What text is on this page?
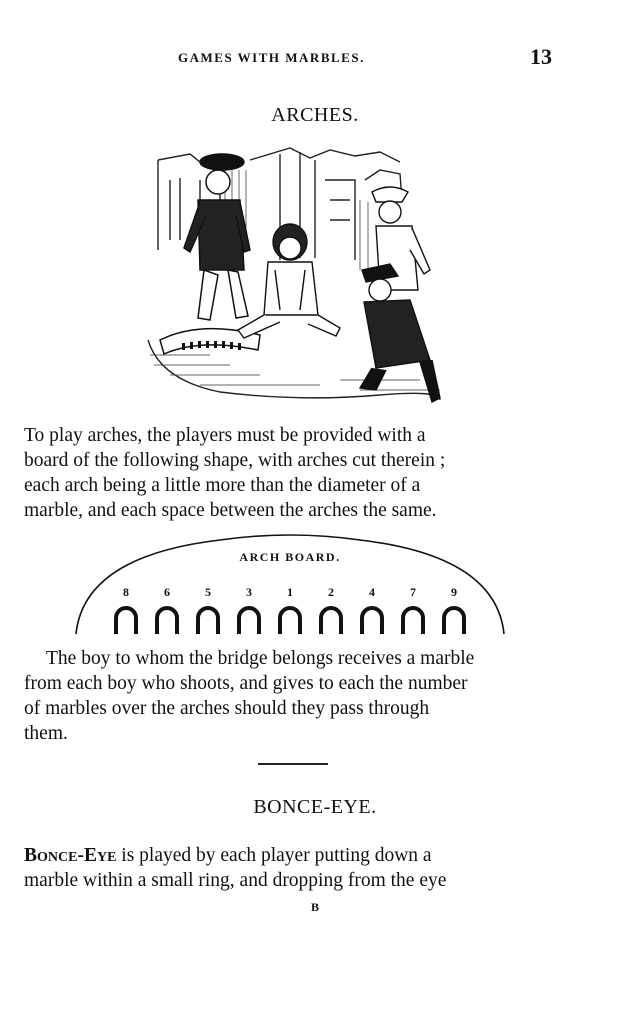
GAMES WITH MARBLES.	13
ARCHES.
To play arches, the players must be provided with a
board of the following shape, with arches cut therein ;
each arch being a little more than the diameter of a
marble, and each space between the arches the same.
ARCH BOARD.
8	6	5	3	1	2	4	7	9
The boy to whom the bridge belongs receives a marble
from each boy who shoots, and gives to each the number
of marbles over the arches should they pass through
them.
BONCE-EYE.
Bonce-Eye is played by each player putting down a
marble within a small ring, and dropping from the eye
B
